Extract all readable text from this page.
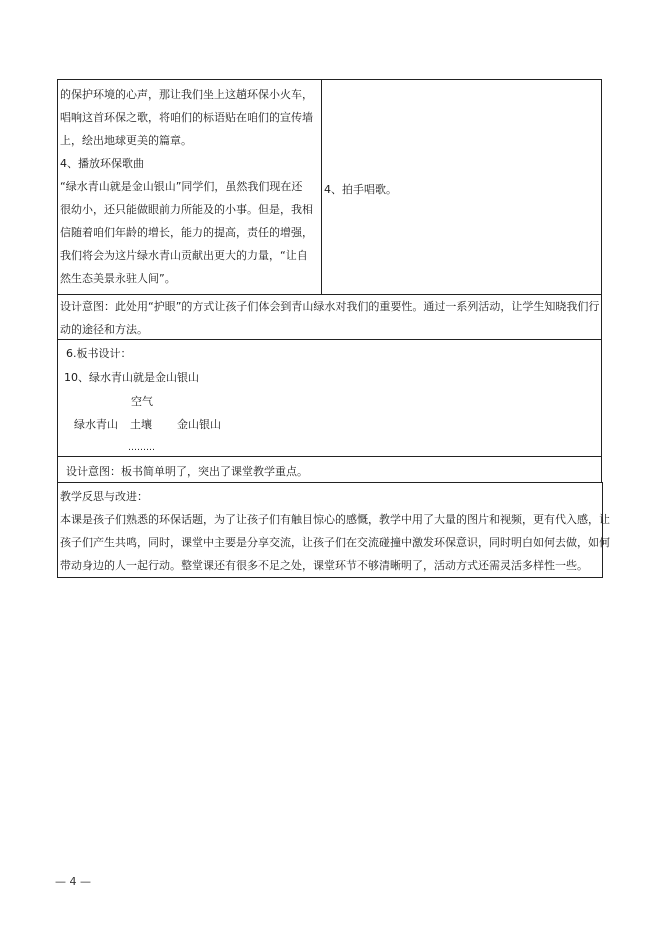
的保护环境的心声，那让我们坐上这趟环保小火车，
唱响这首环保之歌，将咱们的标语贴在咱们的宣传墙
上，绘出地球更美的篇章。
4、播放环保歌曲
“绿水青山就是金山银山”同学们，虽然我们现在还
很幼小，还只能做眼前力所能及的小事。但是，我相
信随着咱们年龄的增长，能力的提高，责任的增强，
我们将会为这片绿水青山贡献出更大的力量，“让自
然生态美景永驻人间”。
4、拍手唱歌。
设计意图：此处用“护眼”的方式让孩子们体会到青山绿水对我们的重要性。通过一系列活动，让学生知晓我们行
动的途径和方法。
6.板书设计：
10、绿水青山就是金山银山
空气
绿水青山 土壤 金山银山
………
设计意图：板书简单明了，突出了课堂教学重点。
教学反思与改进：
本课是孩子们熟悉的环保话题，为了让孩子们有触目惊心的感慨，教学中用了大量的图片和视频，更有代入感，让
孩子们产生共鸣，同时，课堂中主要是分享交流，让孩子们在交流碰撞中激发环保意识，同时明白如何去做，如何
带动身边的人一起行动。整堂课还有很多不足之处，课堂环节不够清晰明了，活动方式还需灵活多样性一些。
— 4 —
